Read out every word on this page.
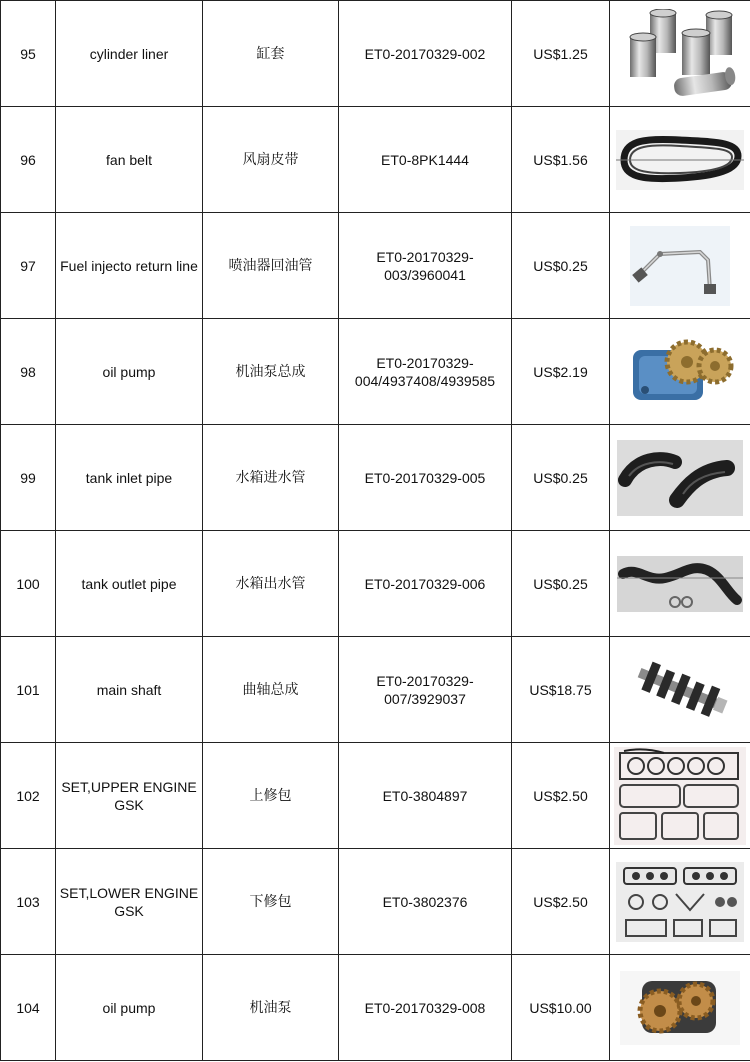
95	cylinder liner	缸套	ET0-20170329-002	US$1.25	

96	fan belt	风扇皮带	ET0-8PK1444	US$1.56	

97	Fuel injecto return line	喷油器回油管	ET0-20170329-003/3960041	US$0.25	

98	oil pump	机油泵总成	ET0-20170329-004/4937408/4939585	US$2.19	

99	tank inlet pipe	水箱进水管	ET0-20170329-005	US$0.25	

100	tank outlet pipe	水箱出水管	ET0-20170329-006	US$0.25	

101	main shaft	曲轴总成	ET0-20170329-007/3929037	US$18.75	

102	SET,UPPER ENGINE GSK	上修包	ET0-3804897	US$2.50	

103	SET,LOWER ENGINE GSK	下修包	ET0-3802376	US$2.50	

104	oil pump	机油泵	ET0-20170329-008	US$10.00	
